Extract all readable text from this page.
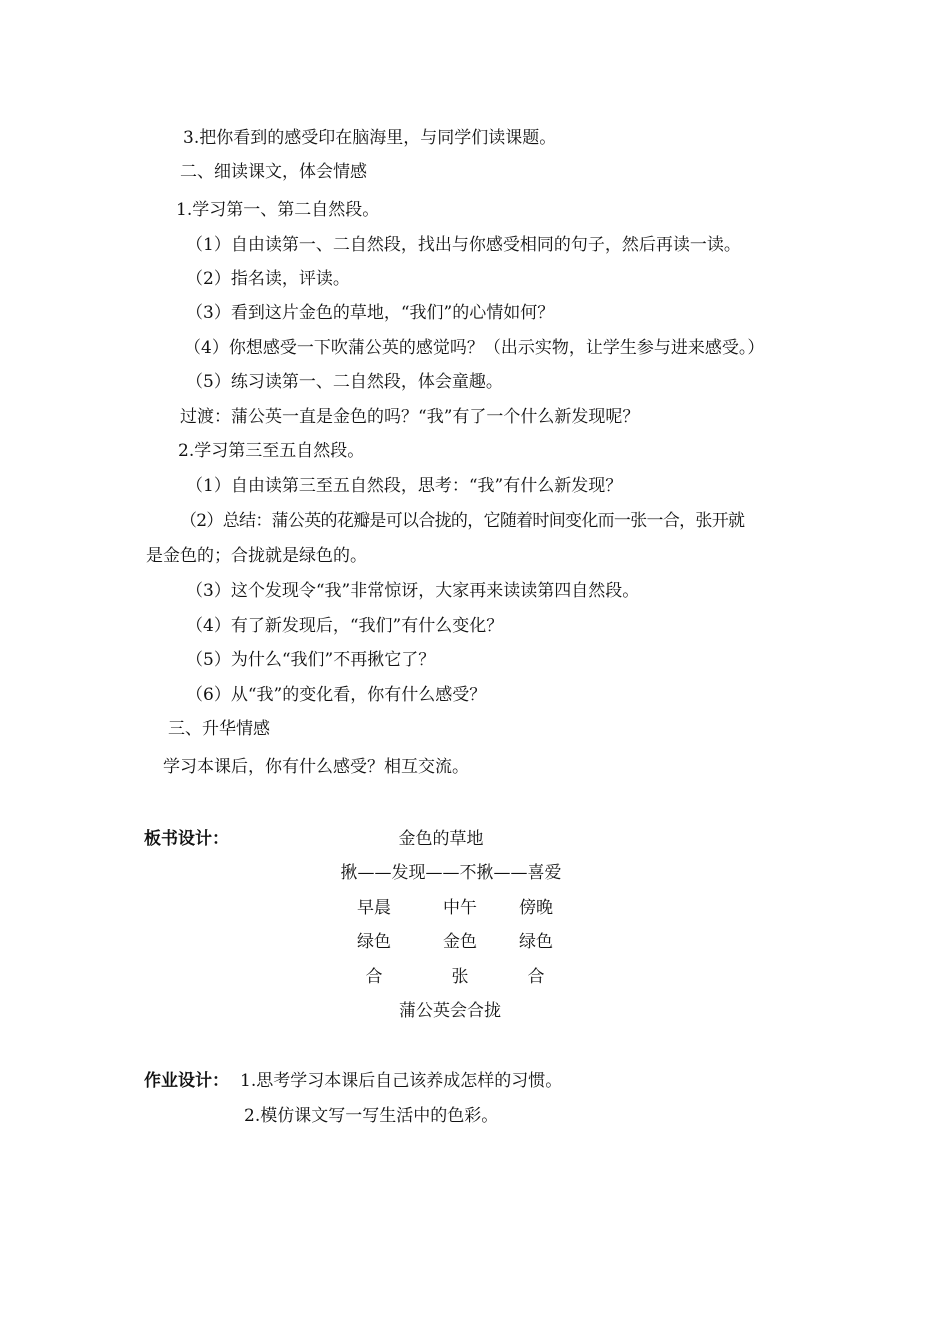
3.把你看到的感受印在脑海里，与同学们读课题。
二、细读课文，体会情感
1.学习第一、第二自然段。
（1）自由读第一、二自然段，找出与你感受相同的句子，然后再读一读。
（2）指名读，评读。
（3）看到这片金色的草地，“我们”的心情如何？
（4）你想感受一下吹蒲公英的感觉吗？（出示实物，让学生参与进来感受。）
（5）练习读第一、二自然段，体会童趣。
过渡：蒲公英一直是金色的吗？“我”有了一个什么新发现呢？
2.学习第三至五自然段。
（1）自由读第三至五自然段，思考：“我”有什么新发现？
（2）总结：蒲公英的花瓣是可以合拢的，它随着时间变化而一张一合，张开就
是金色的；合拢就是绿色的。
（3）这个发现令“我”非常惊讶，大家再来读读第四自然段。
（4）有了新发现后，“我们”有什么变化？
（5）为什么“我们”不再揪它了？
（6）从“我”的变化看，你有什么感受？
三、升华情感
学习本课后，你有什么感受？相互交流。
板书设计：	金色的草地
揪——发现——不揪——喜爱
早晨	中午 傍晚
绿色	金色 绿色
合	张	合
蒲公英会合拢
作业设计： 1.思考学习本课后自己该养成怎样的习惯。
2.模仿课文写一写生活中的色彩。
